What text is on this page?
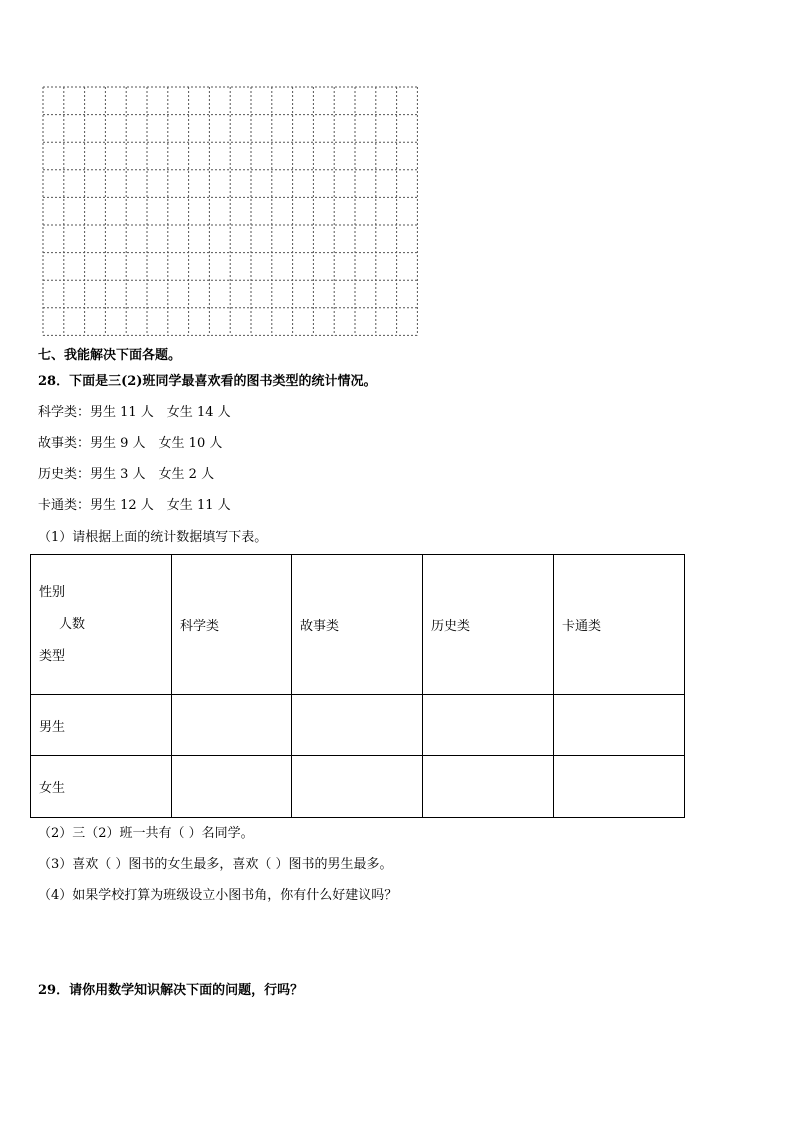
七、我能解决下面各题。
28．下面是三(2)班同学最喜欢看的图书类型的统计情况。
科学类：男生 11 人　女生 14 人
故事类：男生 9 人　女生 10 人
历史类：男生 3 人　女生 2 人
卡通类：男生 12 人　女生 11 人
（1）请根据上面的统计数据填写下表。
性别
人数
类型	科学类	故事类	历史类	卡通类
男生				
女生				
（2）三（2）班一共有（ ）名同学。
（3）喜欢（ ）图书的女生最多，喜欢（ ）图书的男生最多。
（4）如果学校打算为班级设立小图书角，你有什么好建议吗？
29．请你用数学知识解决下面的问题，行吗？
